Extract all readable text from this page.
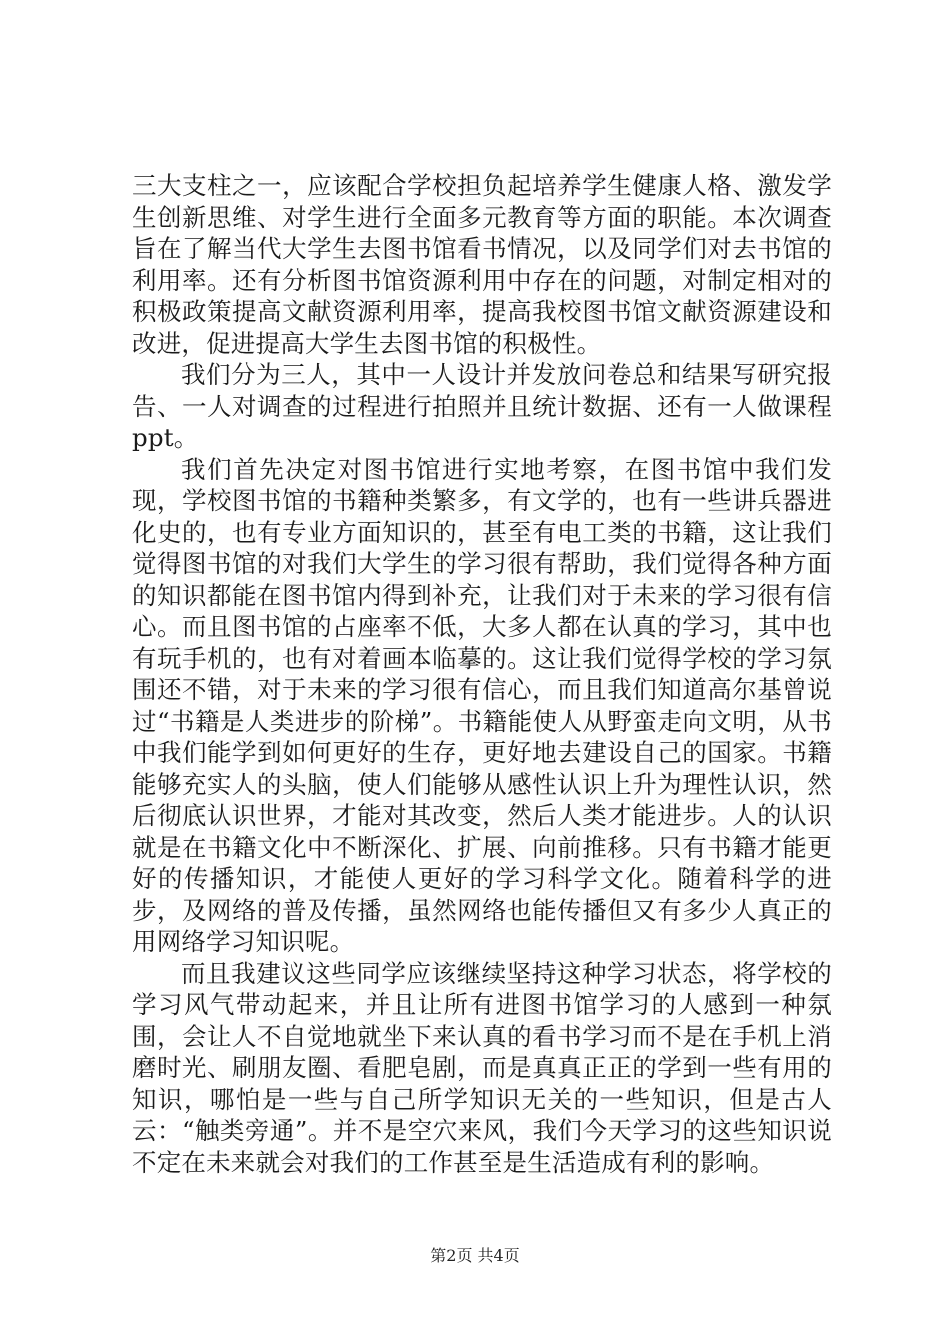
三大支柱之一，应该配合学校担负起培养学生健康人格、激发学生创新思维、对学生进行全面多元教育等方面的职能。本次调查旨在了解当代大学生去图书馆看书情况，以及同学们对去书馆的利用率。还有分析图书馆资源利用中存在的问题，对制定相对的积极政策提高文献资源利用率，提高我校图书馆文献资源建设和改进，促进提高大学生去图书馆的积极性。

我们分为三人，其中一人设计并发放问卷总和结果写研究报告、一人对调查的过程进行拍照并且统计数据、还有一人做课程ppt。

我们首先决定对图书馆进行实地考察，在图书馆中我们发现，学校图书馆的书籍种类繁多，有文学的，也有一些讲兵器进化史的，也有专业方面知识的，甚至有电工类的书籍，这让我们觉得图书馆的对我们大学生的学习很有帮助，我们觉得各种方面的知识都能在图书馆内得到补充，让我们对于未来的学习很有信心。而且图书馆的占座率不低，大多人都在认真的学习，其中也有玩手机的，也有对着画本临摹的。这让我们觉得学校的学习氛围还不错，对于未来的学习很有信心，而且我们知道高尔基曾说过“书籍是人类进步的阶梯”。书籍能使人从野蛮走向文明，从书中我们能学到如何更好的生存，更好地去建设自己的国家。书籍能够充实人的头脑，使人们能够从感性认识上升为理性认识，然后彻底认识世界，才能对其改变，然后人类才能进步。人的认识就是在书籍文化中不断深化、扩展、向前推移。只有书籍才能更好的传播知识，才能使人更好的学习科学文化。随着科学的进步，及网络的普及传播，虽然网络也能传播但又有多少人真正的用网络学习知识呢。

而且我建议这些同学应该继续坚持这种学习状态，将学校的学习风气带动起来，并且让所有进图书馆学习的人感到一种氛围，会让人不自觉地就坐下来认真的看书学习而不是在手机上消磨时光、刷朋友圈、看肥皂剧，而是真真正正的学到一些有用的知识，哪怕是一些与自己所学知识无关的一些知识，但是古人云：“触类旁通”。并不是空穴来风，我们今天学习的这些知识说不定在未来就会对我们的工作甚至是生活造成有利的影响。

第2页 共4页
